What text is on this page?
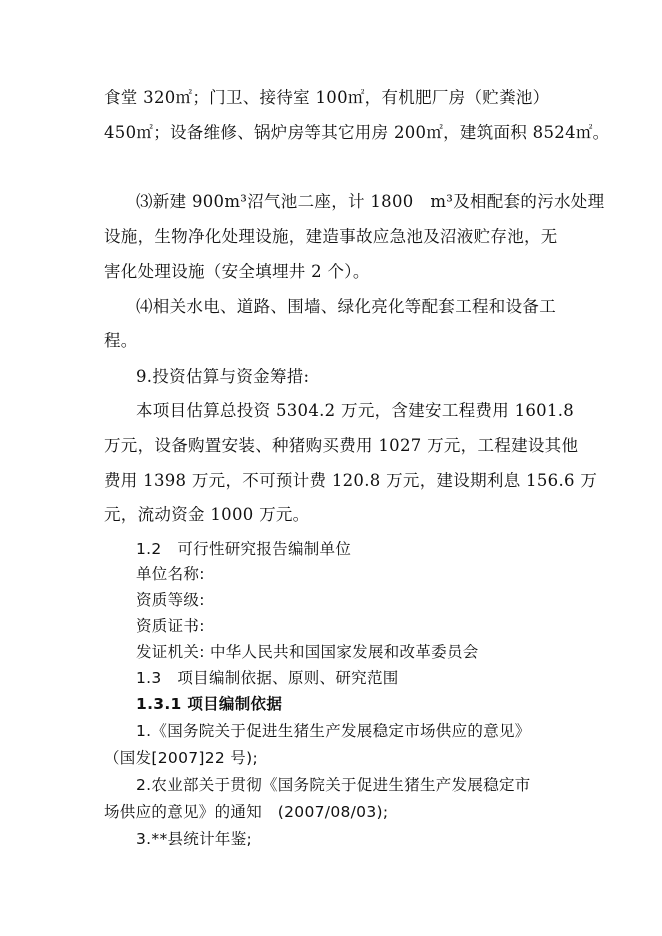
食堂 320㎡；门卫、接待室 100㎡，有机肥厂房（贮粪池）
450㎡；设备维修、锅炉房等其它用房 200㎡，建筑面积 8524㎡。
⑶新建 900m³沼气池二座，计 1800　m³及相配套的污水处理
设施，生物净化处理设施，建造事故应急池及沼液贮存池，无
害化处理设施（安全填埋井 2 个）。
⑷相关水电、道路、围墙、绿化亮化等配套工程和设备工
程。
9.投资估算与资金筹措:
本项目估算总投资 5304.2 万元，含建安工程费用 1601.8
万元，设备购置安装、种猪购买费用 1027 万元，工程建设其他
费用 1398 万元，不可预计费 120.8 万元，建设期利息 156.6 万
元，流动资金 1000 万元。
1.2　可行性研究报告编制单位
单位名称:
资质等级:
资质证书:
发证机关: 中华人民共和国国家发展和改革委员会
1.3　项目编制依据、原则、研究范围
1.3.1 项目编制依据
1.《国务院关于促进生猪生产发展稳定市场供应的意见》
（国发[2007]22 号);
2.农业部关于贯彻《国务院关于促进生猪生产发展稳定市
场供应的意见》的通知　(2007/08/03);
3.**县统计年鉴;
